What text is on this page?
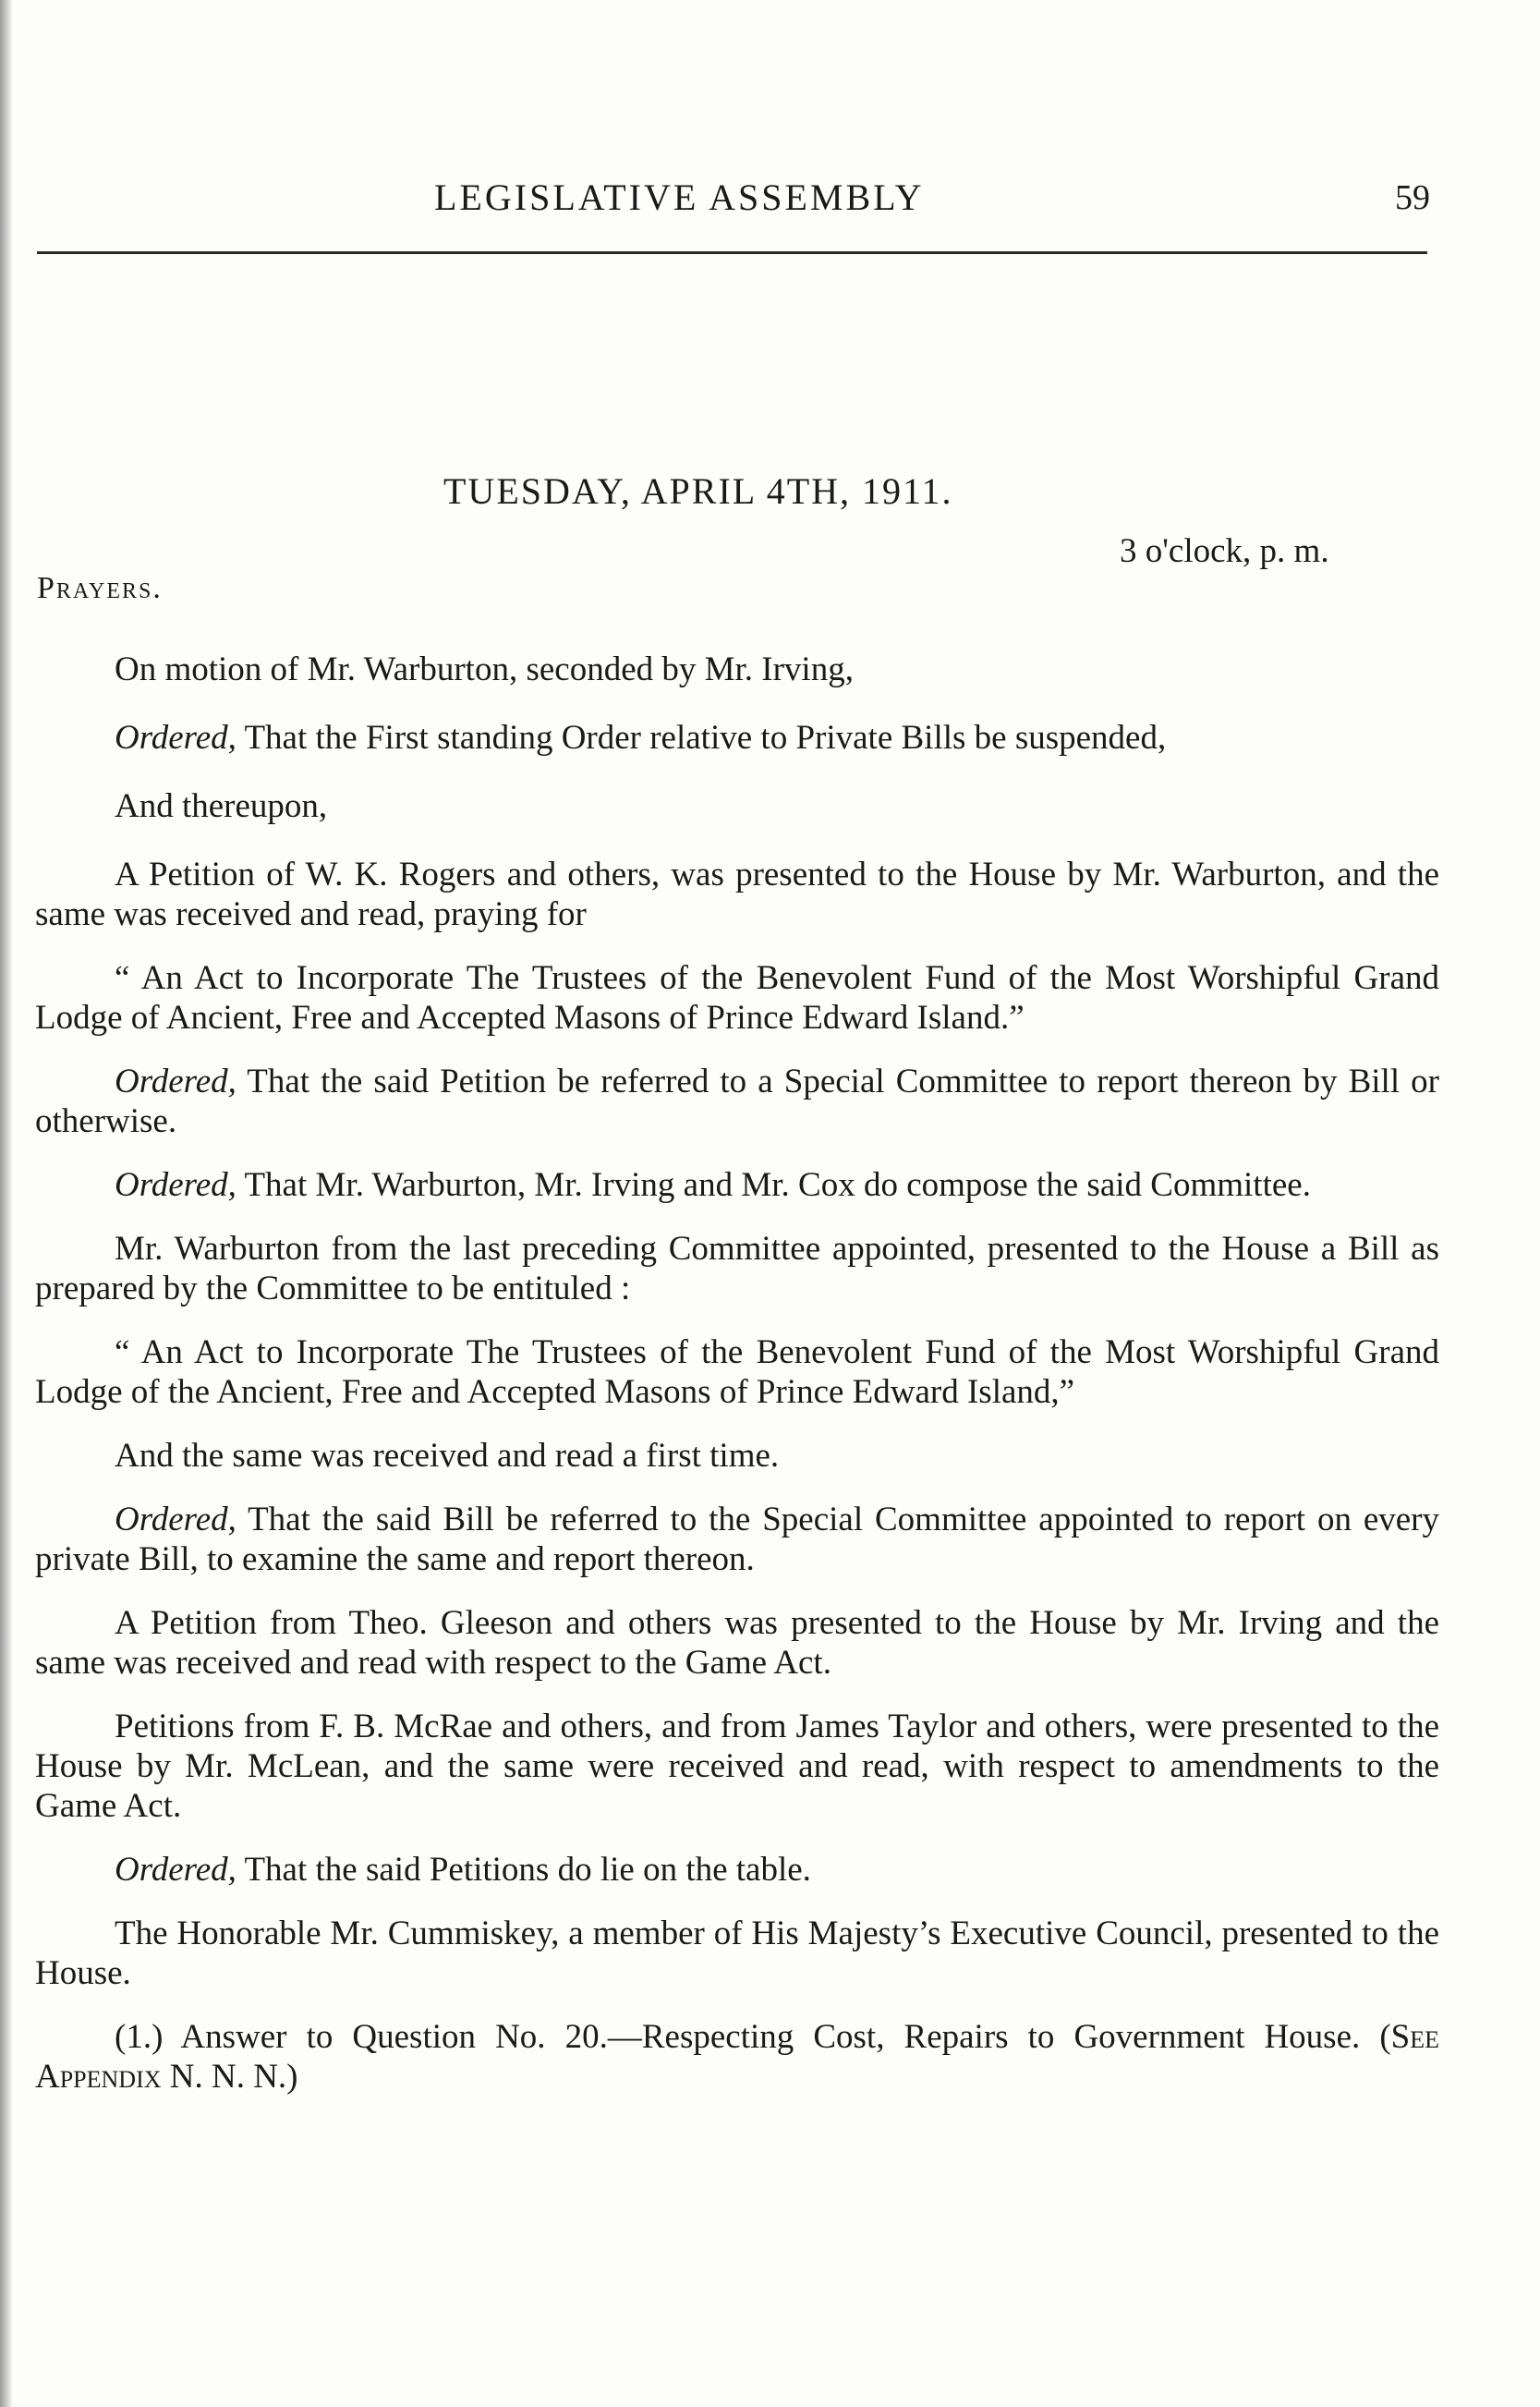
LEGISLATIVE ASSEMBLY	59
TUESDAY, APRIL 4TH, 1911.
3 o'clock, p. m.
Prayers.

On motion of Mr. Warburton, seconded by Mr. Irving,

Ordered, That the First standing Order relative to Private Bills be suspended,

And thereupon,

A Petition of W. K. Rogers and others, was presented to the House by Mr. Warburton, and the same was received and read, praying for

“ An Act to Incorporate The Trustees of the Benevolent Fund of the Most Worshipful Grand Lodge of Ancient, Free and Accepted Masons of Prince Edward Island.”

Ordered, That the said Petition be referred to a Special Committee to report thereon by Bill or otherwise.

Ordered, That Mr. Warburton, Mr. Irving and Mr. Cox do compose the said Committee.

Mr. Warburton from the last preceding Committee appointed, presented to the House a Bill as prepared by the Committee to be entituled :

“ An Act to Incorporate The Trustees of the Benevolent Fund of the Most Worshipful Grand Lodge of the Ancient, Free and Accepted Masons of Prince Edward Island,”

And the same was received and read a first time.

Ordered, That the said Bill be referred to the Special Committee appointed to report on every private Bill, to examine the same and report thereon.

A Petition from Theo. Gleeson and others was presented to the House by Mr. Irving and the same was received and read with respect to the Game Act.

Petitions from F. B. McRae and others, and from James Taylor and others, were presented to the House by Mr. McLean, and the same were received and read, with respect to amendments to the Game Act.

Ordered, That the said Petitions do lie on the table.

The Honorable Mr. Cummiskey, a member of His Majesty’s Executive Council, presented to the House.

(1.) Answer to Question No. 20.—Respecting Cost, Repairs to Government House. (See Appendix N. N. N.)
